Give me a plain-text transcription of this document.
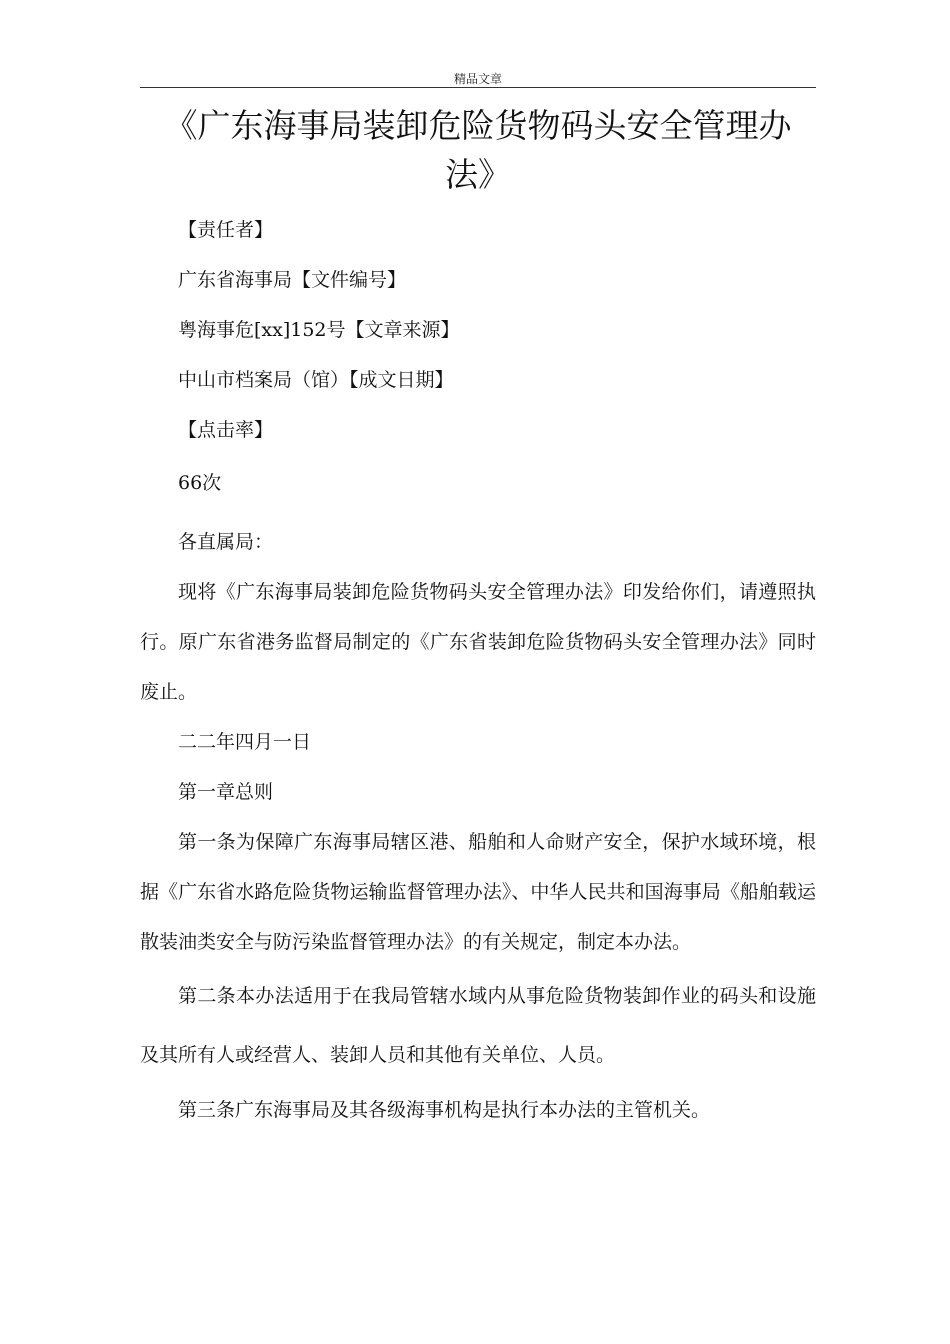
精品文章
《广东海事局装卸危险货物码头安全管理办法》

【责任者】

广东省海事局【文件编号】

粤海事危[xx]152号【文章来源】

中山市档案局（馆）【成文日期】

【点击率】

66次

各直属局：

现将《广东海事局装卸危险货物码头安全管理办法》印发给你们，请遵照执行。原广东省港务监督局制定的《广东省装卸危险货物码头安全管理办法》同时废止。

二二年四月一日

第一章总则

第一条为保障广东海事局辖区港、船舶和人命财产安全，保护水域环境，根据《广东省水路危险货物运输监督管理办法》、中华人民共和国海事局《船舶载运散装油类安全与防污染监督管理办法》的有关规定，制定本办法。

第二条本办法适用于在我局管辖水域内从事危险货物装卸作业的码头和设施及其所有人或经营人、装卸人员和其他有关单位、人员。

第三条广东海事局及其各级海事机构是执行本办法的主管机关。
